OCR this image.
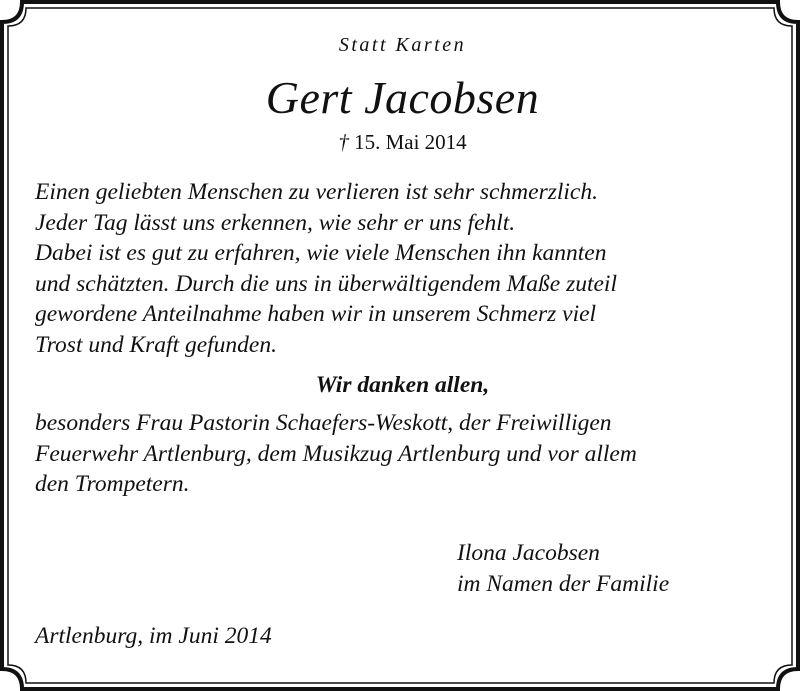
Statt Karten

Gert Jacobsen

† 15. Mai 2014

Einen geliebten Menschen zu verlieren ist sehr schmerzlich.
Jeder Tag lässt uns erkennen, wie sehr er uns fehlt.
Dabei ist es gut zu erfahren, wie viele Menschen ihn kannten
und schätzten. Durch die uns in überwältigendem Maße zuteil
gewordene Anteilnahme haben wir in unserem Schmerz viel
Trost und Kraft gefunden.

Wir danken allen,

besonders Frau Pastorin Schaefers-Weskott, der Freiwilligen
Feuerwehr Artlenburg, dem Musikzug Artlenburg und vor allem
den Trompetern.
Ilona Jacobsen
im Namen der Familie
Artlenburg, im Juni 2014
